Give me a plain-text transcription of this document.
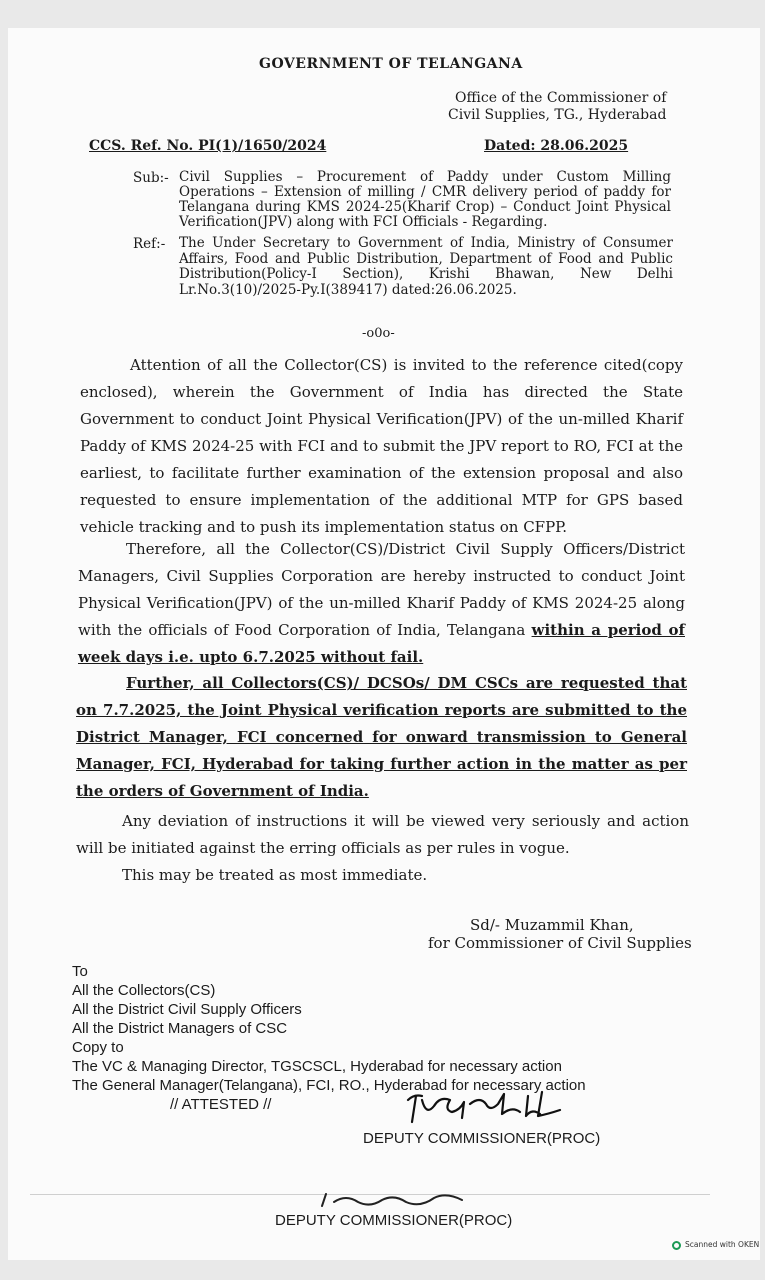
GOVERNMENT OF TELANGANA
Office of the Commissioner of
Civil Supplies, TG., Hyderabad
CCS. Ref. No. PI(1)/1650/2024	Dated: 28.06.2025
Sub:- Civil Supplies – Procurement of Paddy under Custom Milling Operations – Extension of milling / CMR delivery period of paddy for Telangana during KMS 2024-25(Kharif Crop) – Conduct Joint Physical Verification(JPV) along with FCI Officials - Regarding.
Ref:- The Under Secretary to Government of India, Ministry of Consumer Affairs, Food and Public Distribution, Department of Food and Public Distribution(Policy-I Section), Krishi Bhawan, New Delhi Lr.No.3(10)/2025-Py.I(389417) dated:26.06.2025.
-o0o-
Attention of all the Collector(CS) is invited to the reference cited(copy enclosed), wherein the Government of India has directed the State Government to conduct Joint Physical Verification(JPV) of the un-milled Kharif Paddy of KMS 2024-25 with FCI and to submit the JPV report to RO, FCI at the earliest, to facilitate further examination of the extension proposal and also requested to ensure implementation of the additional MTP for GPS based vehicle tracking and to push its implementation status on CFPP.
Therefore, all the Collector(CS)/District Civil Supply Officers/District Managers, Civil Supplies Corporation are hereby instructed to conduct Joint Physical Verification(JPV) of the un-milled Kharif Paddy of KMS 2024-25 along with the officials of Food Corporation of India, Telangana within a period of week days i.e. upto 6.7.2025 without fail.
Further, all Collectors(CS)/ DCSOs/ DM CSCs are requested that on 7.7.2025, the Joint Physical verification reports are submitted to the District Manager, FCI concerned for onward transmission to General Manager, FCI, Hyderabad for taking further action in the matter as per the orders of Government of India.
Any deviation of instructions it will be viewed very seriously and action will be initiated against the erring officials as per rules in vogue.
This may be treated as most immediate.
Sd/- Muzammil Khan,
for Commissioner of Civil Supplies
To
All the Collectors(CS)
All the District Civil Supply Officers
All the District Managers of CSC
Copy to
The VC & Managing Director, TGSCSCL, Hyderabad for necessary action
The General Manager(Telangana), FCI, RO., Hyderabad for necessary action
// ATTESTED //
DEPUTY COMMISSIONER(PROC)
DEPUTY COMMISSIONER(PROC)
Scanned with OKEN
